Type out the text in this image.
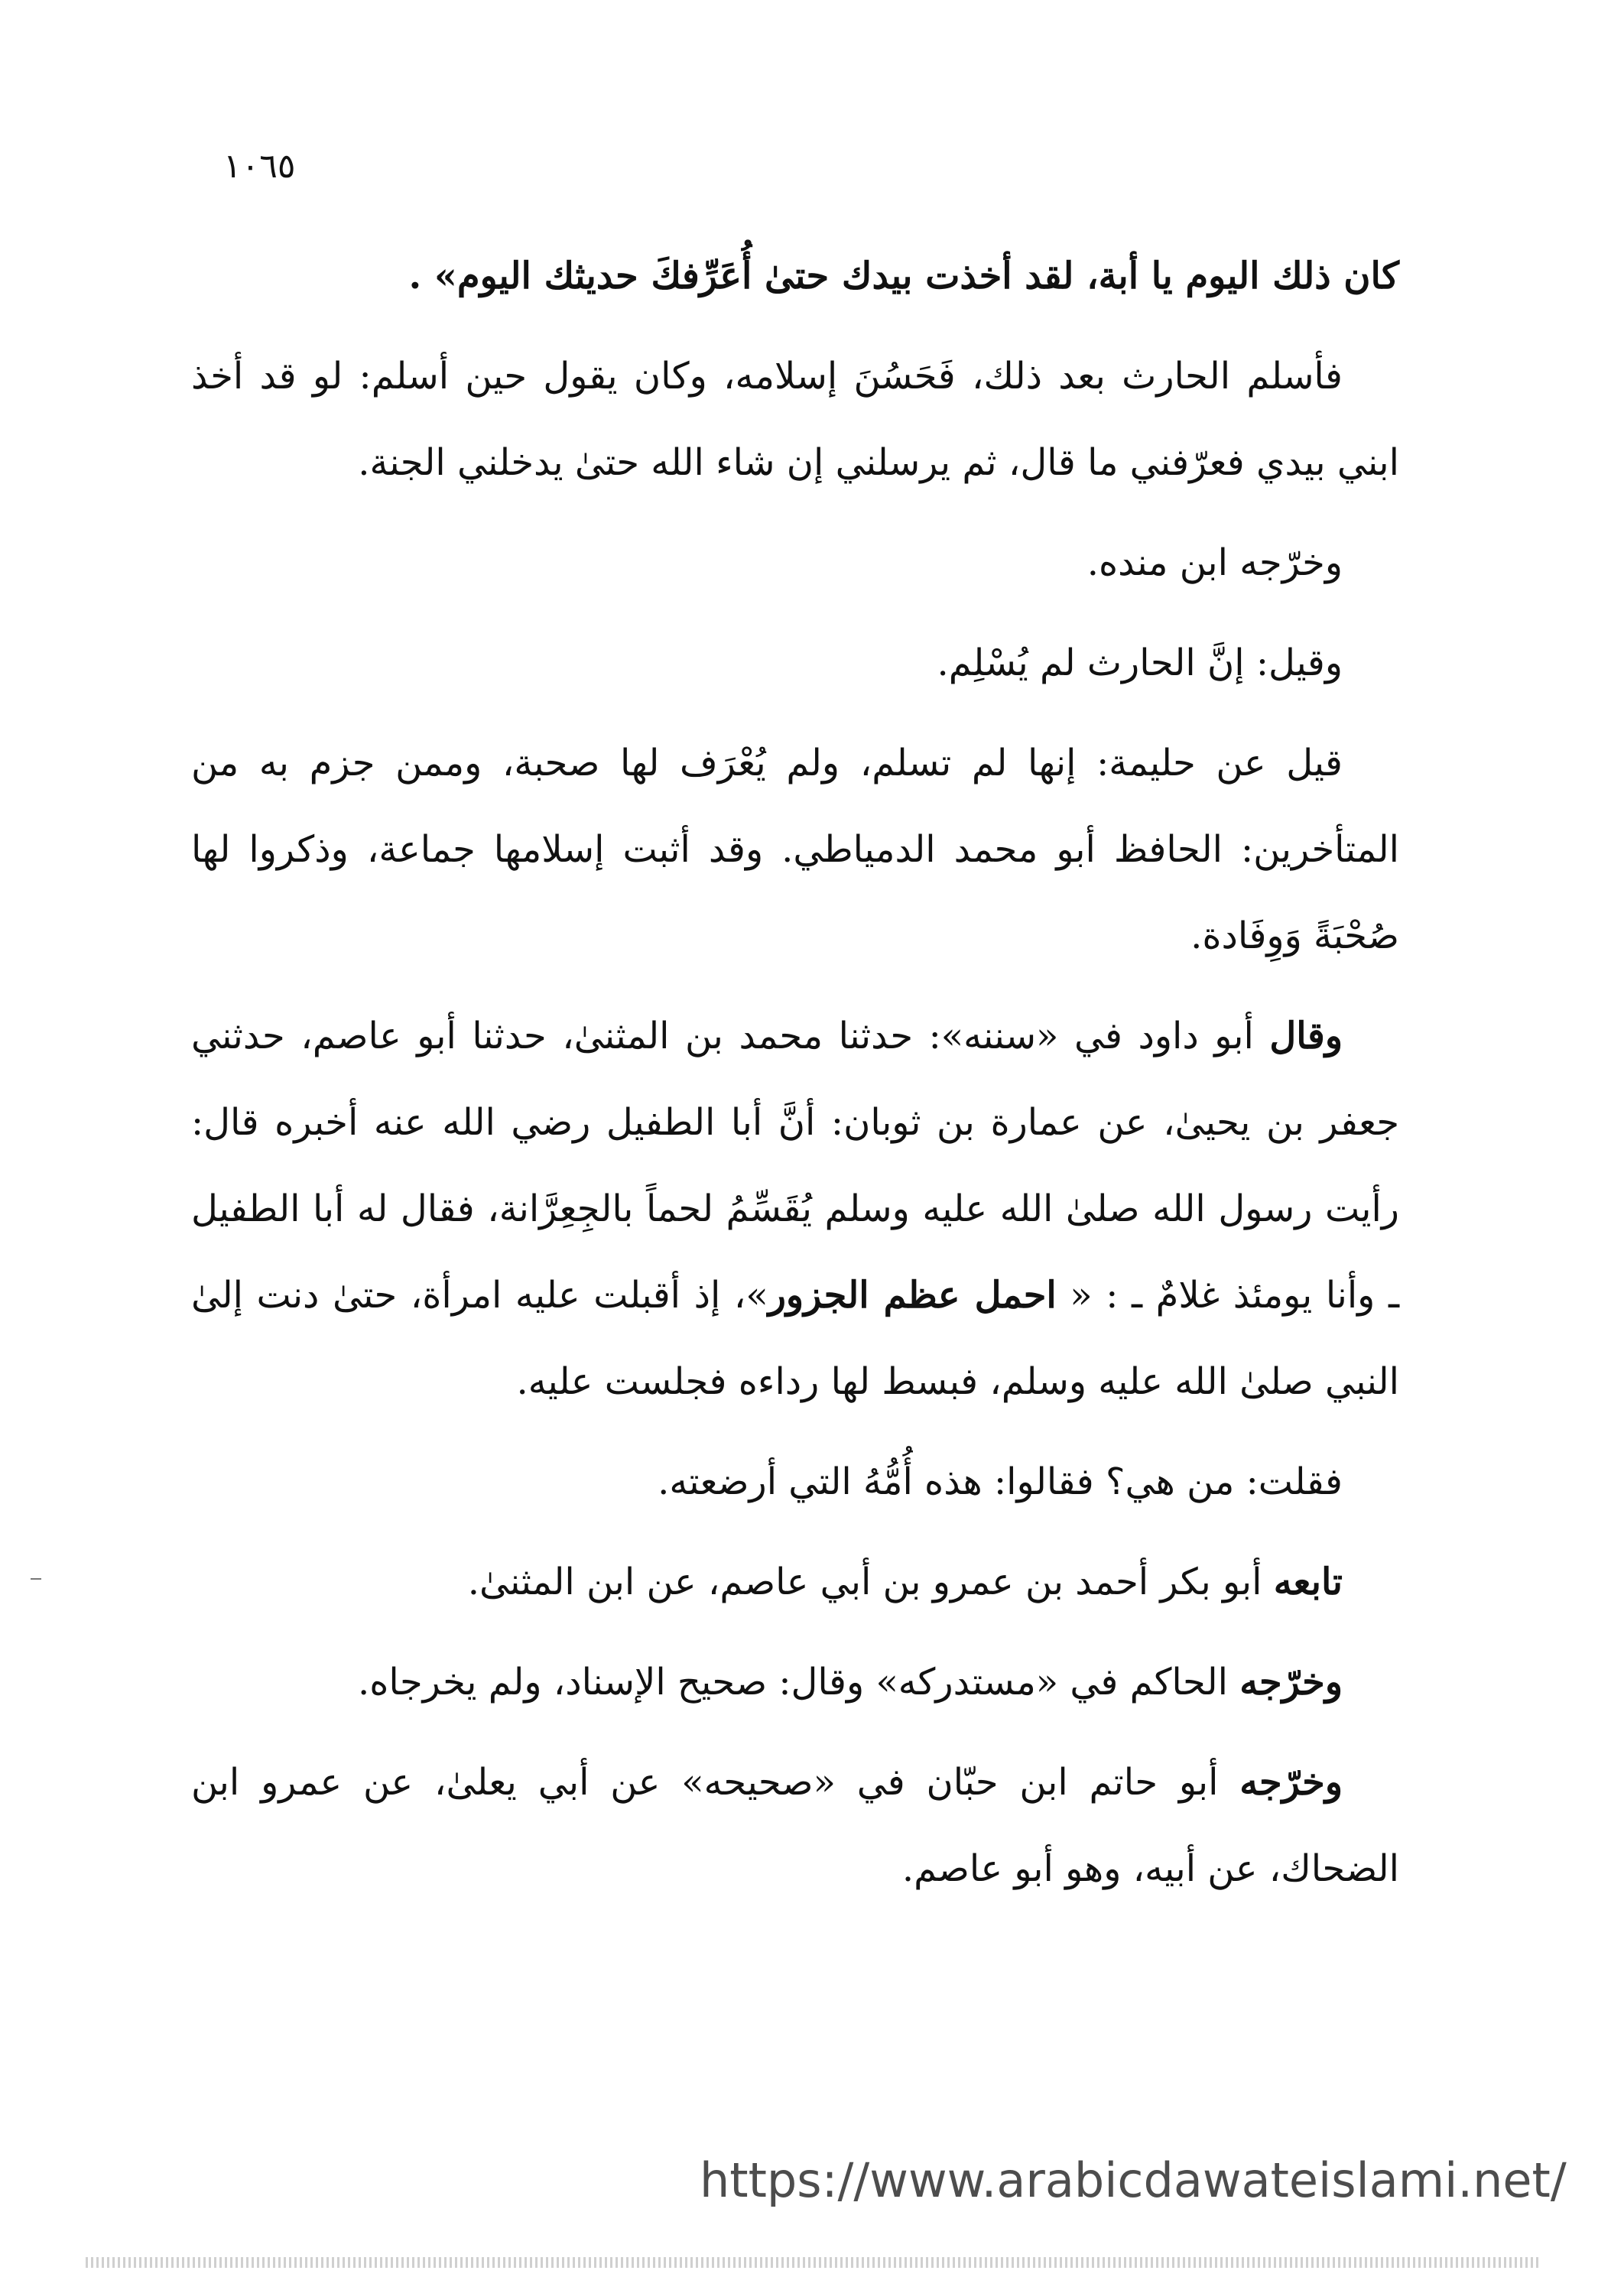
١٠٦٥

كان ذلك اليوم يا أبة، لقد أخذت بيدك حتىٰ أُعَرِّفكَ حديثك اليوم» .

فأسلم الحارث بعد ذلك، فَحَسُنَ إسلامه، وكان يقول حين أسلم: لو قد أخذ ابني بيدي فعرّفني ما قال، ثم يرسلني إن شاء الله حتىٰ يدخلني الجنة.

وخرّجه ابن منده.

وقيل: إنَّ الحارث لم يُسْلِم.

قيل عن حليمة: إنها لم تسلم، ولم يُعْرَف لها صحبة، وممن جزم به من المتأخرين: الحافظ أبو محمد الدمياطي. وقد أثبت إسلامها جماعة، وذكروا لها صُحْبَةً وَوِفَادة.

وقال أبو داود في «سننه»: حدثنا محمد بن المثنىٰ، حدثنا أبو عاصم، حدثني جعفر بن يحيىٰ، عن عمارة بن ثوبان: أنَّ أبا الطفيل رضي الله عنه أخبره قال: رأيت رسول الله صلىٰ الله عليه وسلم يُقَسِّمُ لحماً بالجِعِرَّانة، فقال له أبا الطفيل ـ وأنا يومئذ غلامٌ ـ : « احمل عظم الجزور»، إذ أقبلت عليه امرأة، حتىٰ دنت إلىٰ النبي صلىٰ الله عليه وسلم، فبسط لها رداءه فجلست عليه.

فقلت: من هي؟ فقالوا: هذه أُمُّهُ التي أرضعته.

تابعه أبو بكر أحمد بن عمرو بن أبي عاصم، عن ابن المثنىٰ.

وخرّجه الحاكم في «مستدركه» وقال: صحيح الإسناد، ولم يخرجاه.

وخرّجه أبو حاتم ابن حبّان في «صحيحه» عن أبي يعلىٰ، عن عمرو ابن الضحاك، عن أبيه، وهو أبو عاصم.

https://www.arabicdawateislami.net/
